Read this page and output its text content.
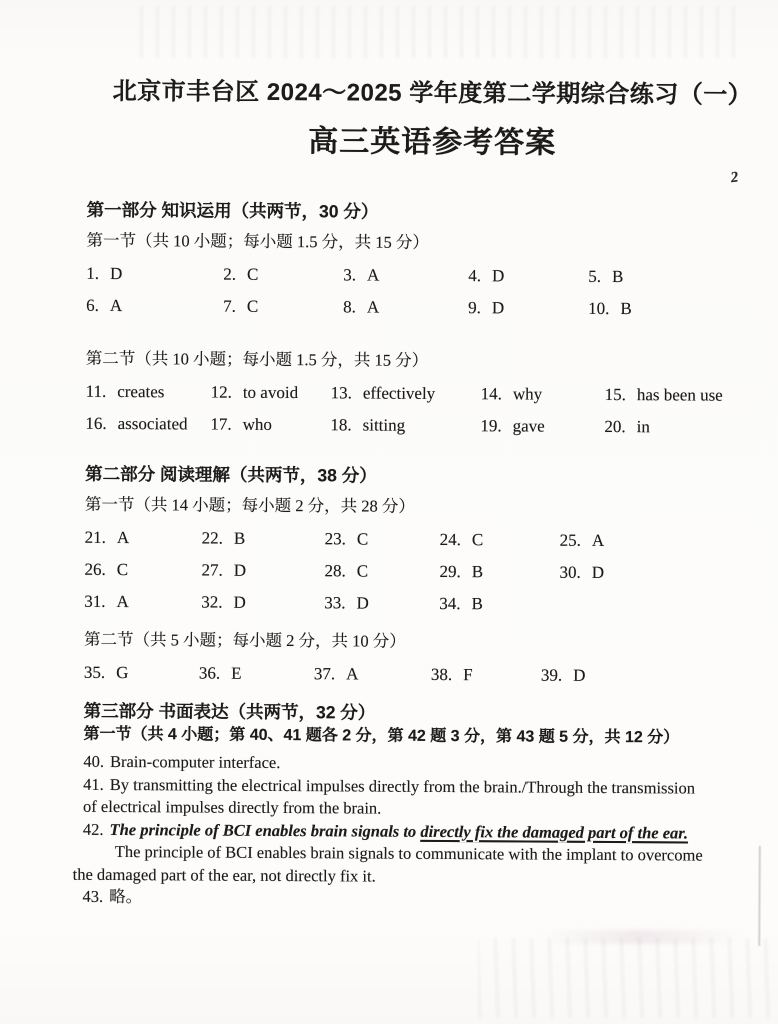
2
北京市丰台区 2024～2025 学年度第二学期综合练习（一）
高三英语参考答案
第一部分 知识运用（共两节，30 分）
第一节（共 10 小题；每小题 1.5 分，共 15 分）
1. D	2. C	3. A	4. D	5. B
6. A	7. C	8. A	9. D	10. B
第二节（共 10 小题；每小题 1.5 分，共 15 分）
11. creates	12. to avoid	13. effectively	14. why	15. has been use
16. associated	17. who	18. sitting	19. gave	20. in
第二部分 阅读理解（共两节，38 分）
第一节（共 14 小题；每小题 2 分，共 28 分）
21. A	22. B	23. C	24. C	25. A
26. C	27. D	28. C	29. B	30. D
31. A	32. D	33. D	34. B
第二节（共 5 小题；每小题 2 分，共 10 分）
35. G	36. E	37. A	38. F	39. D
第三部分 书面表达（共两节，32 分）
第一节（共 4 小题；第 40、41 题各 2 分，第 42 题 3 分，第 43 题 5 分，共 12 分）
40. Brain-computer interface.
41. By transmitting the electrical impulses directly from the brain./Through the transmission
of electrical impulses directly from the brain.
42. The principle of BCI enables brain signals to directly fix the damaged part of the ear.
The principle of BCI enables brain signals to communicate with the implant to overcome
the damaged part of the ear, not directly fix it.
43. 略。
